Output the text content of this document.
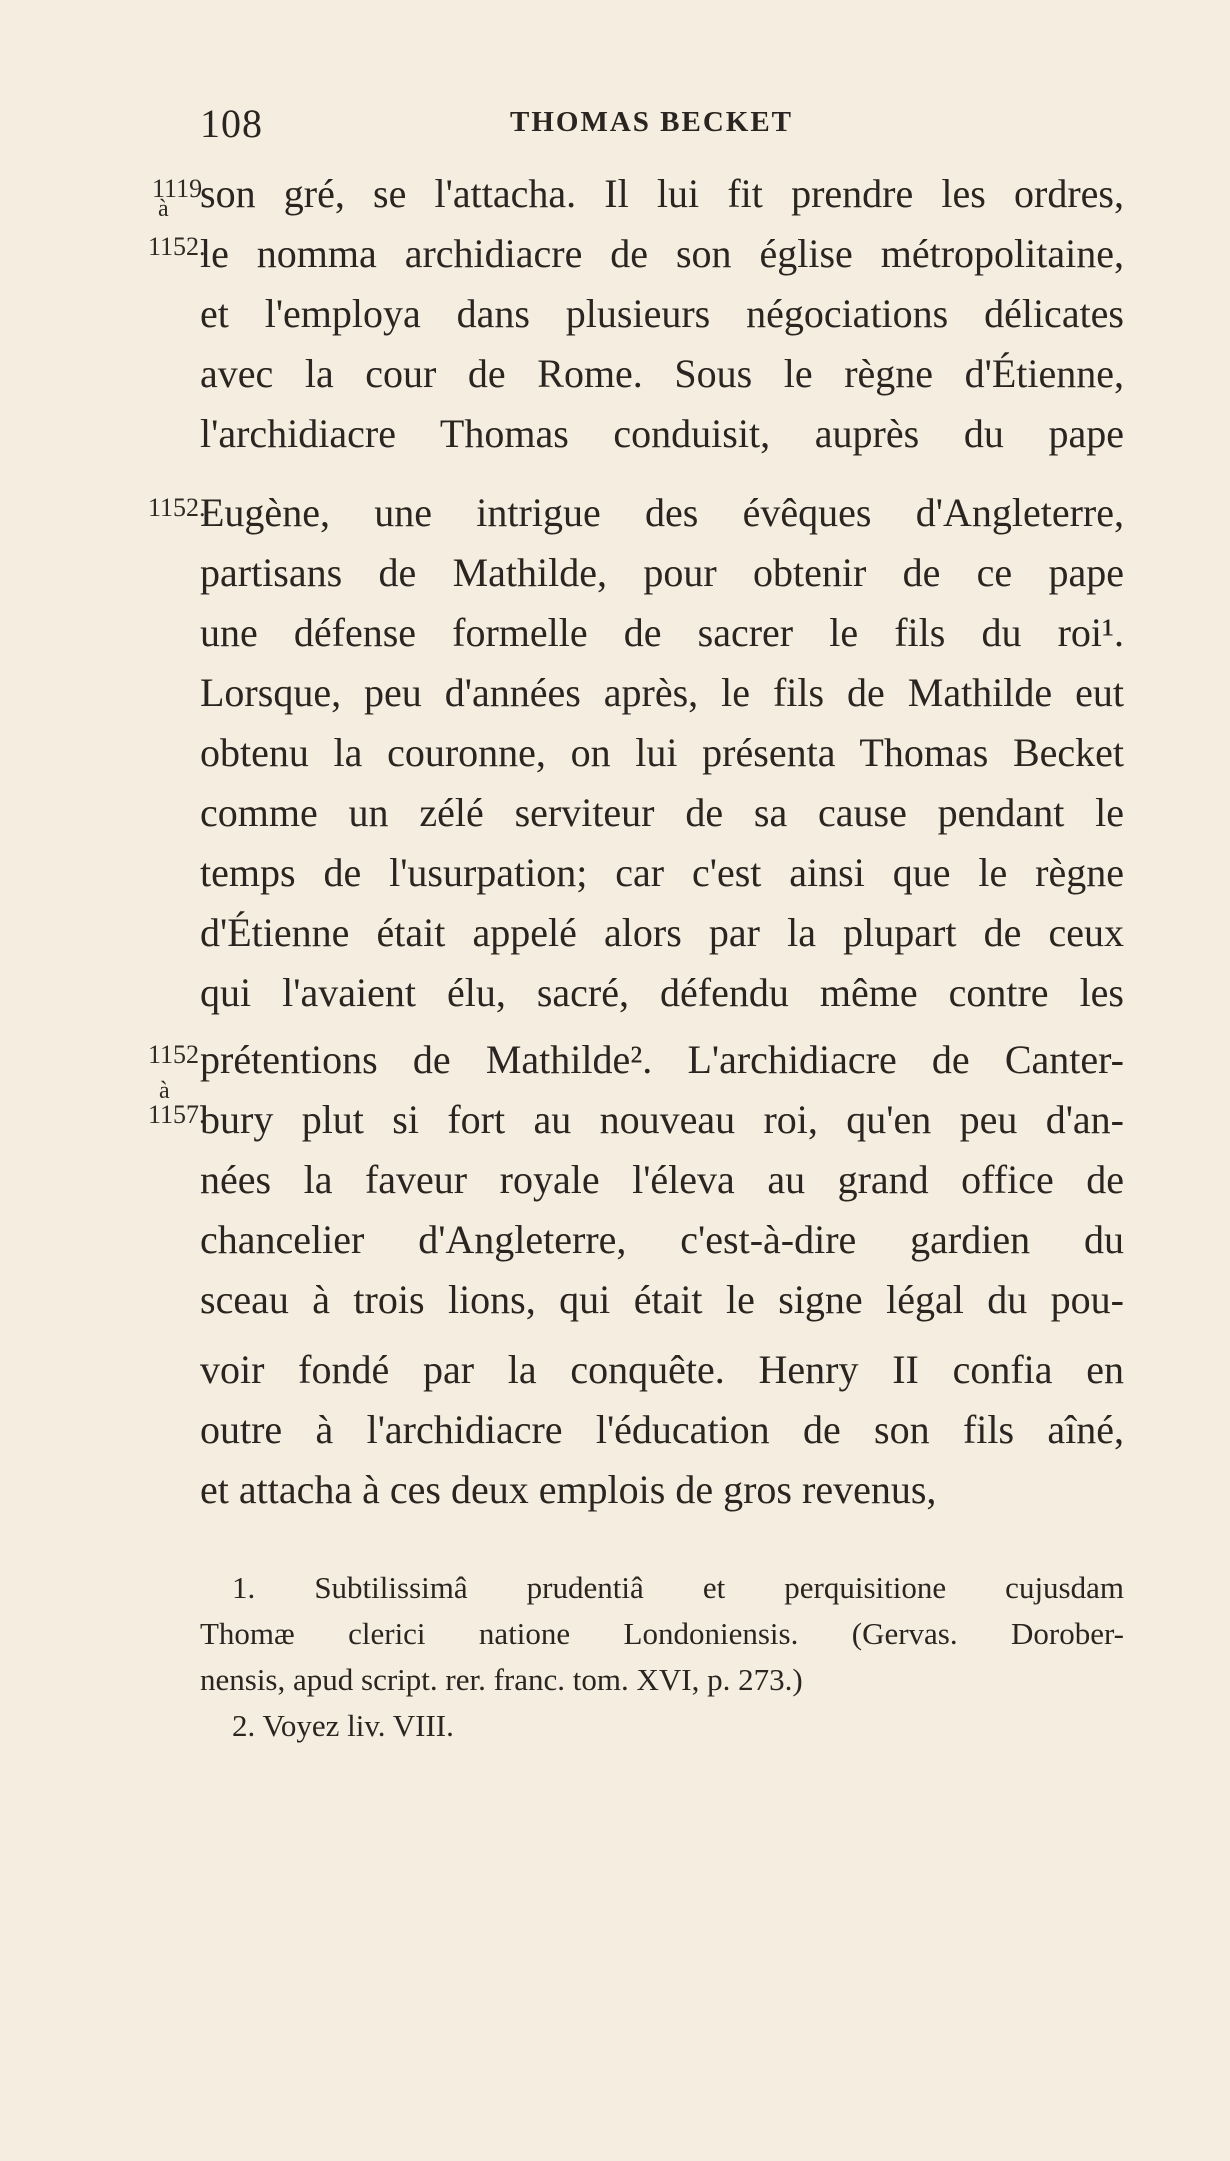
108	THOMAS BECKET
1119
à
1152.
1152.
1152
à
1157.
son gré, se l'attacha. Il lui fit prendre les ordres,
le nomma archidiacre de son église métropolitaine,
et l'employa dans plusieurs négociations délicates
avec la cour de Rome. Sous le règne d'Étienne,
l'archidiacre Thomas conduisit, auprès du pape
Eugène, une intrigue des évêques d'Angleterre,
partisans de Mathilde, pour obtenir de ce pape
une défense formelle de sacrer le fils du roi¹.
Lorsque, peu d'années après, le fils de Mathilde eut
obtenu la couronne, on lui présenta Thomas Becket
comme un zélé serviteur de sa cause pendant le
temps de l'usurpation; car c'est ainsi que le règne
d'Étienne était appelé alors par la plupart de ceux
qui l'avaient élu, sacré, défendu même contre les
prétentions de Mathilde². L'archidiacre de Canter-
bury plut si fort au nouveau roi, qu'en peu d'an-
nées la faveur royale l'éleva au grand office de
chancelier d'Angleterre, c'est-à-dire gardien du
sceau à trois lions, qui était le signe légal du pou-
voir fondé par la conquête. Henry II confia en
outre à l'archidiacre l'éducation de son fils aîné,
et attacha à ces deux emplois de gros revenus,
1. Subtilissimâ prudentiâ et perquisitione cujusdam
Thomæ clerici natione Londoniensis. (Gervas. Dorober-
nensis, apud script. rer. franc. tom. XVI, p. 273.)
2. Voyez liv. VIII.
